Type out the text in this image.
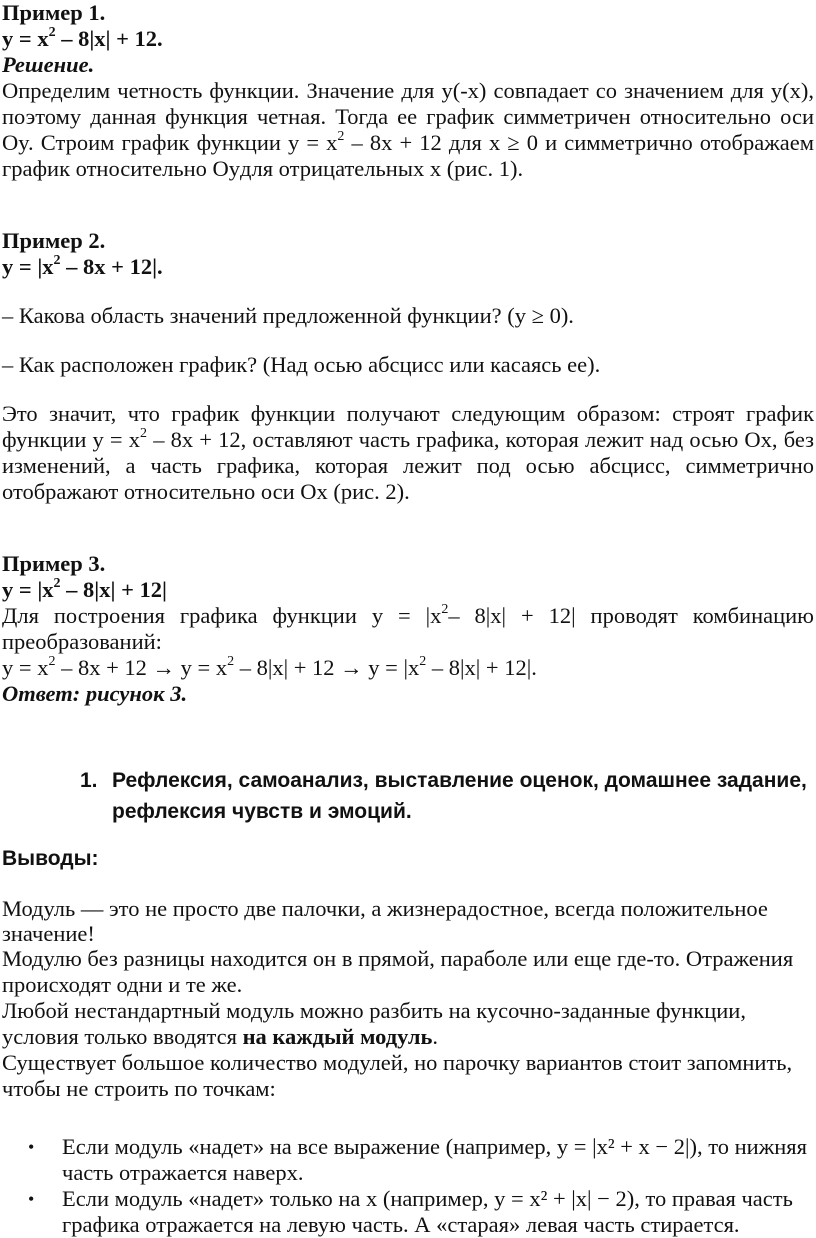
Пример 1.

$y = x^2 - 8|x| + 12$.

Решение.

Определим четность функции. Значение для y(-x) совпадает со значением для y(x), поэтому данная функция четная. Тогда ее график симметричен относительно оси Oy. Строим график функции $y = x^2 - 8x + 12$ для x ≥ 0 и симметрично отображаем график относительно Oyдля отрицательных x (рис. 1).

Пример 2.

$y = |x^2 - 8x + 12|$.

– Какова область значений предложенной функции? (y ≥ 0).

– Как расположен график? (Над осью абсцисс или касаясь ее).

Это значит, что график функции получают следующим образом: строят график функции $y = x^2 - 8x + 12$, оставляют часть графика, которая лежит над осью Ox, без изменений, а часть графика, которая лежит под осью абсцисс, симметрично отображают относительно оси Ox (рис. 2).

Пример 3.

$y = |x^2 - 8|x| + 12|$

Для построения графика функции $y = |x^2-$ 8|x| + 12| проводят комбинацию преобразований:

$y = x^2 - 8x + 12 \to y = x^2 - 8|x| + 12 \to y = |x^2 - 8|x| + 12|$.

Ответ: рисунок 3.

1. Рефлексия, самоанализ, выставление оценок, домашнее задание,
рефлексия чувств и эмоций.

Выводы:

Модуль — это не просто две палочки, а жизнерадостное, всегда положительное значение!

Модулю без разницы находится он в прямой, параболе или еще где-то. Отражения происходят одни и те же.

Любой нестандартный модуль можно разбить на кусочно-заданные функции, условия только вводятся на каждый модуль.

Существует большое количество модулей, но парочку вариантов стоит запомнить, чтобы не строить по точкам:

•	Если модуль «надет» на все выражение (например, y = |x² + x − 2|), то нижняя часть отражается наверх.
•	Если модуль «надет» только на x (например, y = x² + |x| − 2), то правая часть графика отражается на левую часть. А «старая» левая часть стирается.
